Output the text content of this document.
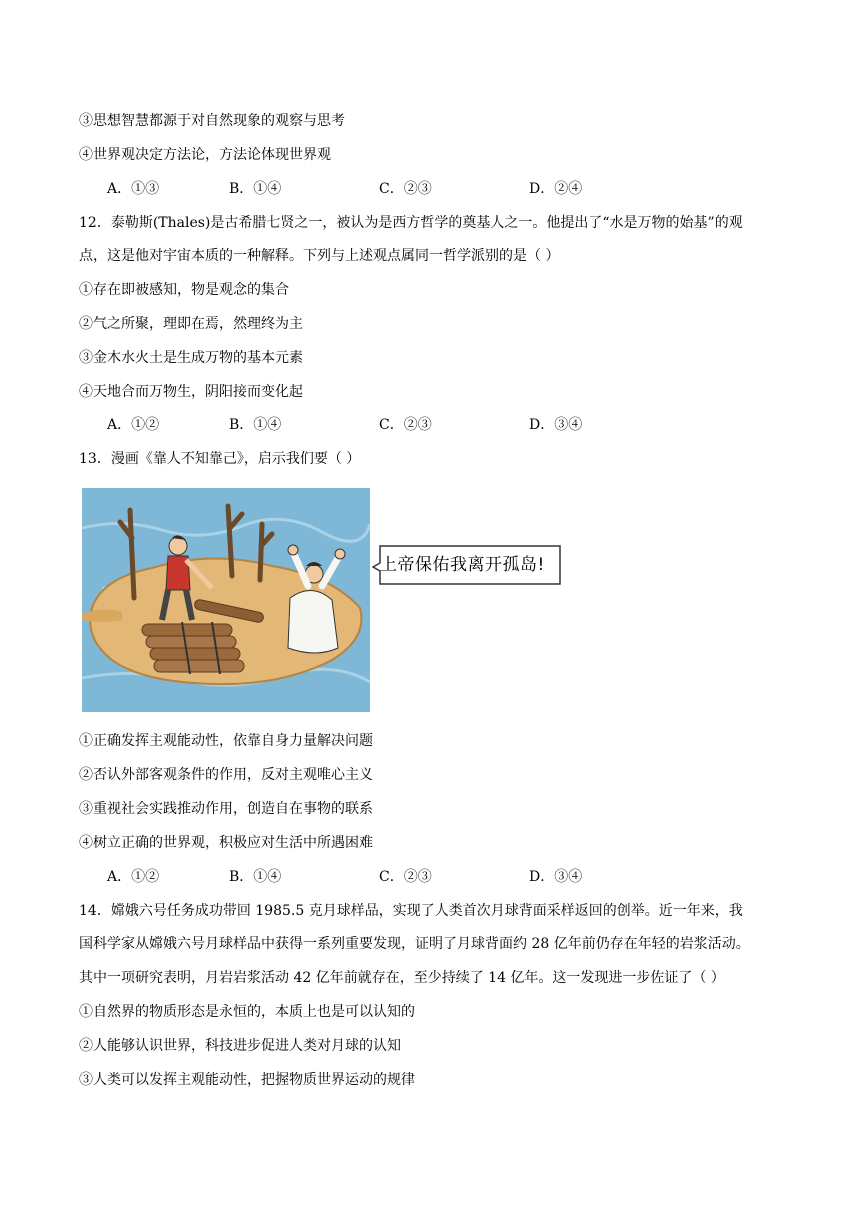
③思想智慧都源于对自然现象的观察与思考
④世界观决定方法论，方法论体现世界观
A．①③	B．①④	C．②③	D．②④
12．泰勒斯(Thales)是古希腊七贤之一，被认为是西方哲学的奠基人之一。他提出了“水是万物的始基”的观
点，这是他对宇宙本质的一种解释。下列与上述观点属同一哲学派别的是（ ）
①存在即被感知，物是观念的集合
②气之所聚，理即在焉，然理终为主
③金木水火土是生成万物的基本元素
④天地合而万物生，阴阳接而变化起
A．①②	B．①④	C．②③	D．③④
13．漫画《靠人不知靠己》，启示我们要（ ）
上帝保佑我离开孤岛!
①正确发挥主观能动性，依靠自身力量解决问题
②否认外部客观条件的作用，反对主观唯心主义
③重视社会实践推动作用，创造自在事物的联系
④树立正确的世界观，积极应对生活中所遇困难
A．①②	B．①④	C．②③	D．③④
14．嫦娥六号任务成功带回 1985.5 克月球样品，实现了人类首次月球背面采样返回的创举。近一年来，我
国科学家从嫦娥六号月球样品中获得一系列重要发现，证明了月球背面约 28 亿年前仍存在年轻的岩浆活动。
其中一项研究表明，月岩岩浆活动 42 亿年前就存在，至少持续了 14 亿年。这一发现进一步佐证了（ ）
①自然界的物质形态是永恒的，本质上也是可以认知的
②人能够认识世界，科技进步促进人类对月球的认知
③人类可以发挥主观能动性，把握物质世界运动的规律
